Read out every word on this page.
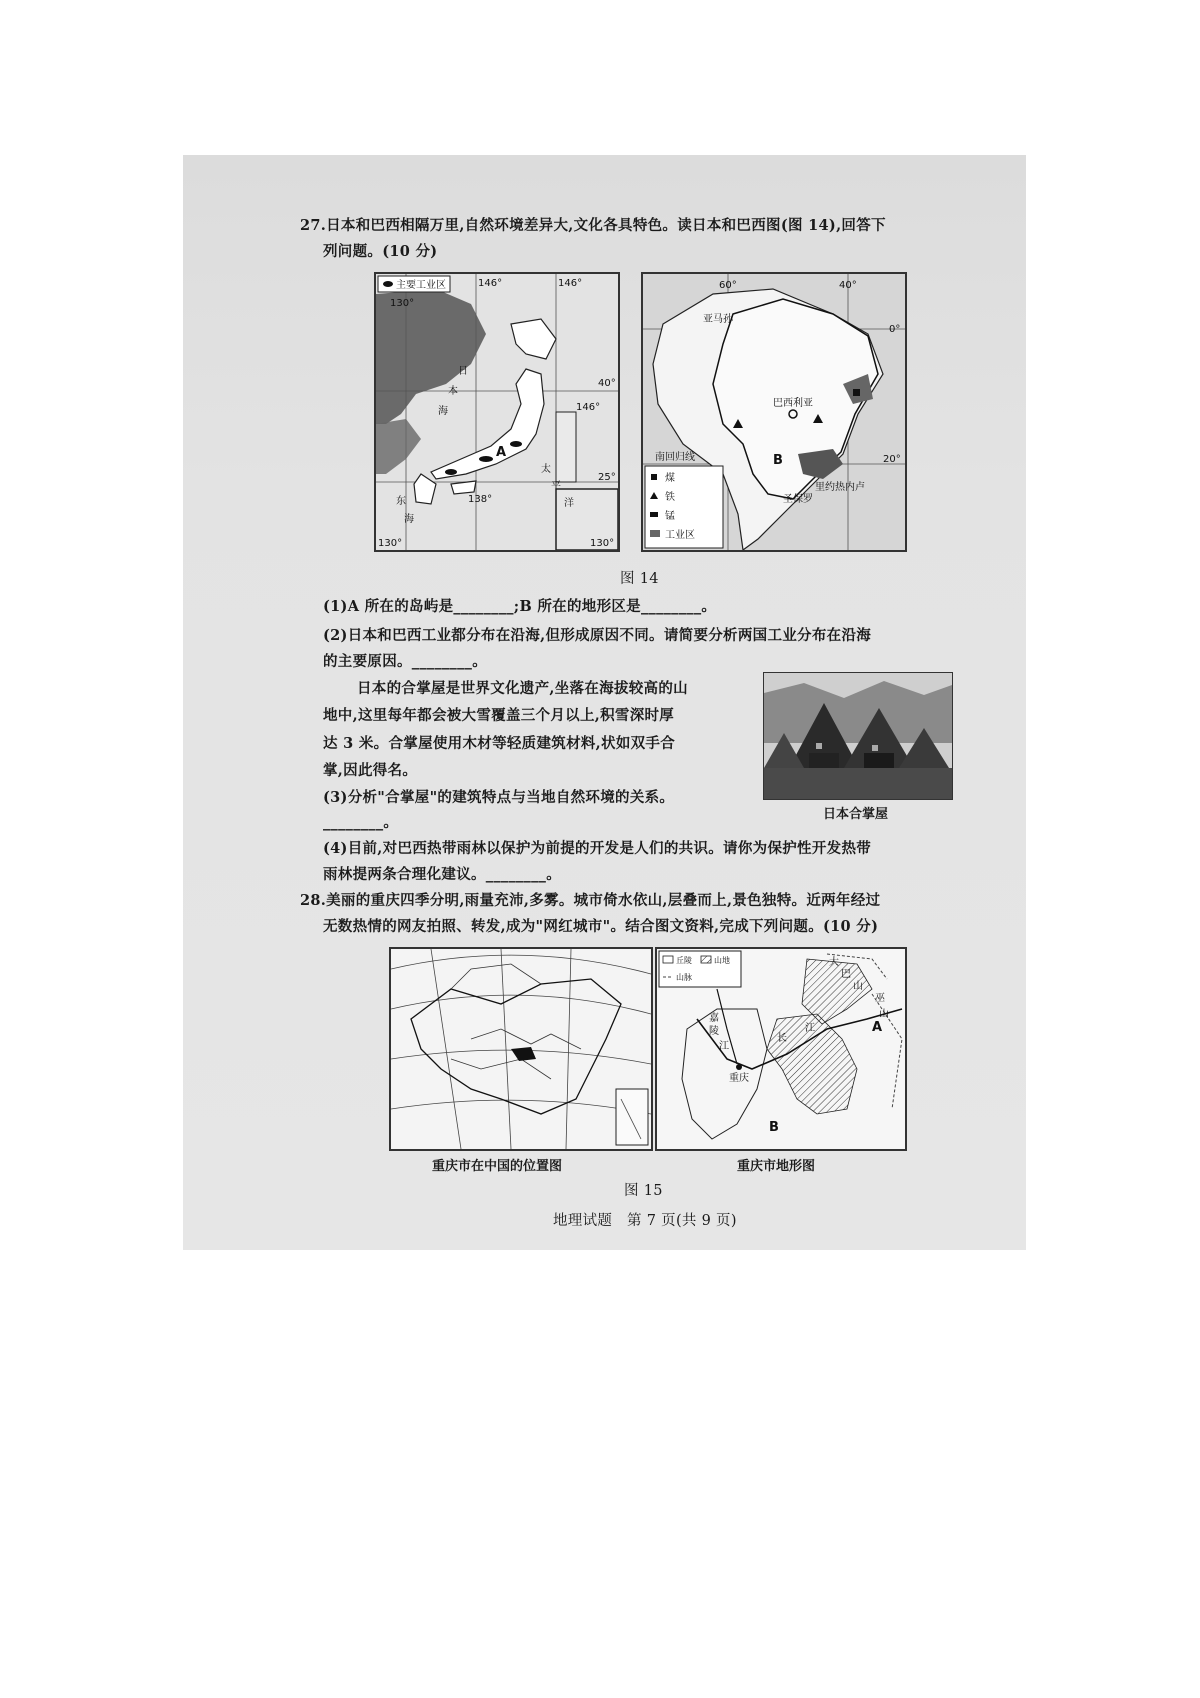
27.日本和巴西相隔万里,自然环境差异大,文化各具特色。读日本和巴西图(图 14),回答下
列问题。(10 分)
主要工业区
130°
146°	146°
40°
146°
25°
138°
130°	130°
日
本
海
太
平
洋
东
海
A
60°	40°
0°
20°
亚马孙
巴西利亚
南回归线
圣保罗
里约热内卢
B
煤
铁
锰
工业区
图 14
(1)A 所在的岛屿是________;B 所在的地形区是________。
(2)日本和巴西工业都分布在沿海,但形成原因不同。请简要分析两国工业分布在沿海
的主要原因。________。
日本的合掌屋是世界文化遗产,坐落在海拔较高的山
地中,这里每年都会被大雪覆盖三个月以上,积雪深时厚
达 3 米。合掌屋使用木材等轻质建筑材料,状如双手合
掌,因此得名。
(3)分析"合掌屋"的建筑特点与当地自然环境的关系。
________。	日本合掌屋
(4)目前,对巴西热带雨林以保护为前提的开发是人们的共识。请你为保护性开发热带
雨林提两条合理化建议。________。
28.美丽的重庆四季分明,雨量充沛,多雾。城市倚水依山,层叠而上,景色独特。近两年经过
无数热情的网友拍照、转发,成为"网红城市"。结合图文资料,完成下列问题。(10 分)
重庆市在中国的位置图
丘陵	山地
山脉
大
巴
山
巫
山
长
江
嘉
陵
江
重庆
A
B
重庆市地形图
图 15
地理试题　第 7 页(共 9 页)
